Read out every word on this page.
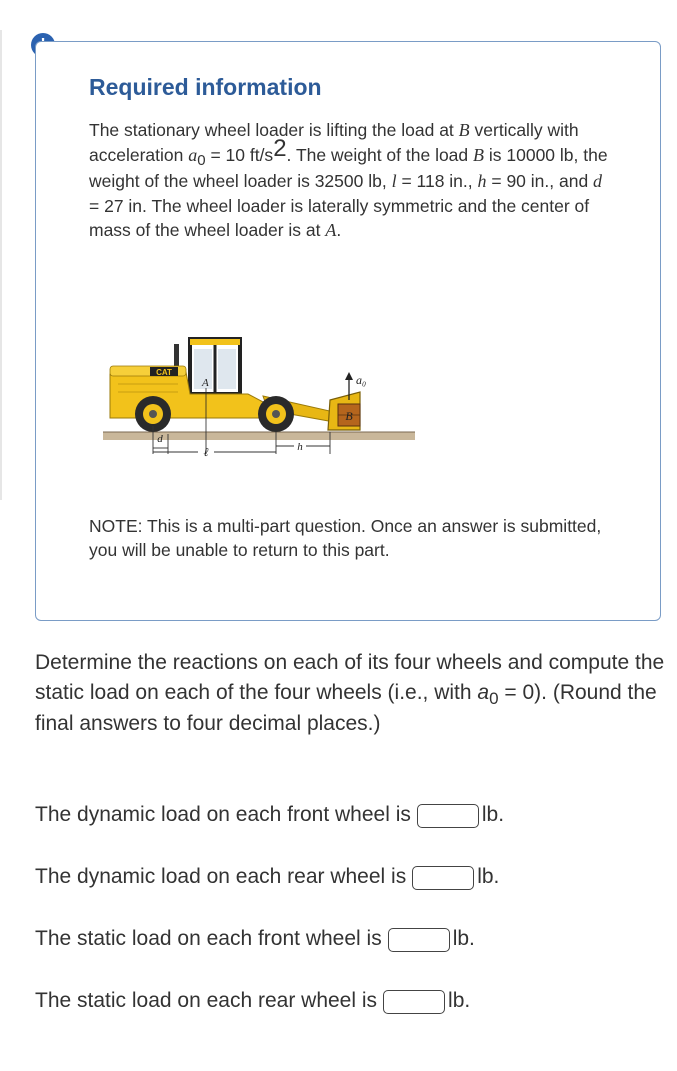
Required information

The stationary wheel loader is lifting the load at B vertically with acceleration a0 = 10 $ft/s^2$. The weight of the load B is 10000 lb, the weight of the wheel loader is 32500 lb, l = 118 in., h = 90 in., and d = 27 in. The wheel loader is laterally symmetric and the center of mass of the wheel loader is at A.

CAT
B
a₀
A
d
ℓ	h

NOTE: This is a multi-part question. Once an answer is submitted, you will be unable to return to this part.

Determine the reactions on each of its four wheels and compute the static load on each of the four wheels (i.e., with $a_0 = 0$). (Round the final answers to four decimal places.)

The dynamic load on each front wheel is	lb.
The dynamic load on each rear wheel is	lb.
The static load on each front wheel is	lb.
The static load on each rear wheel is	lb.
